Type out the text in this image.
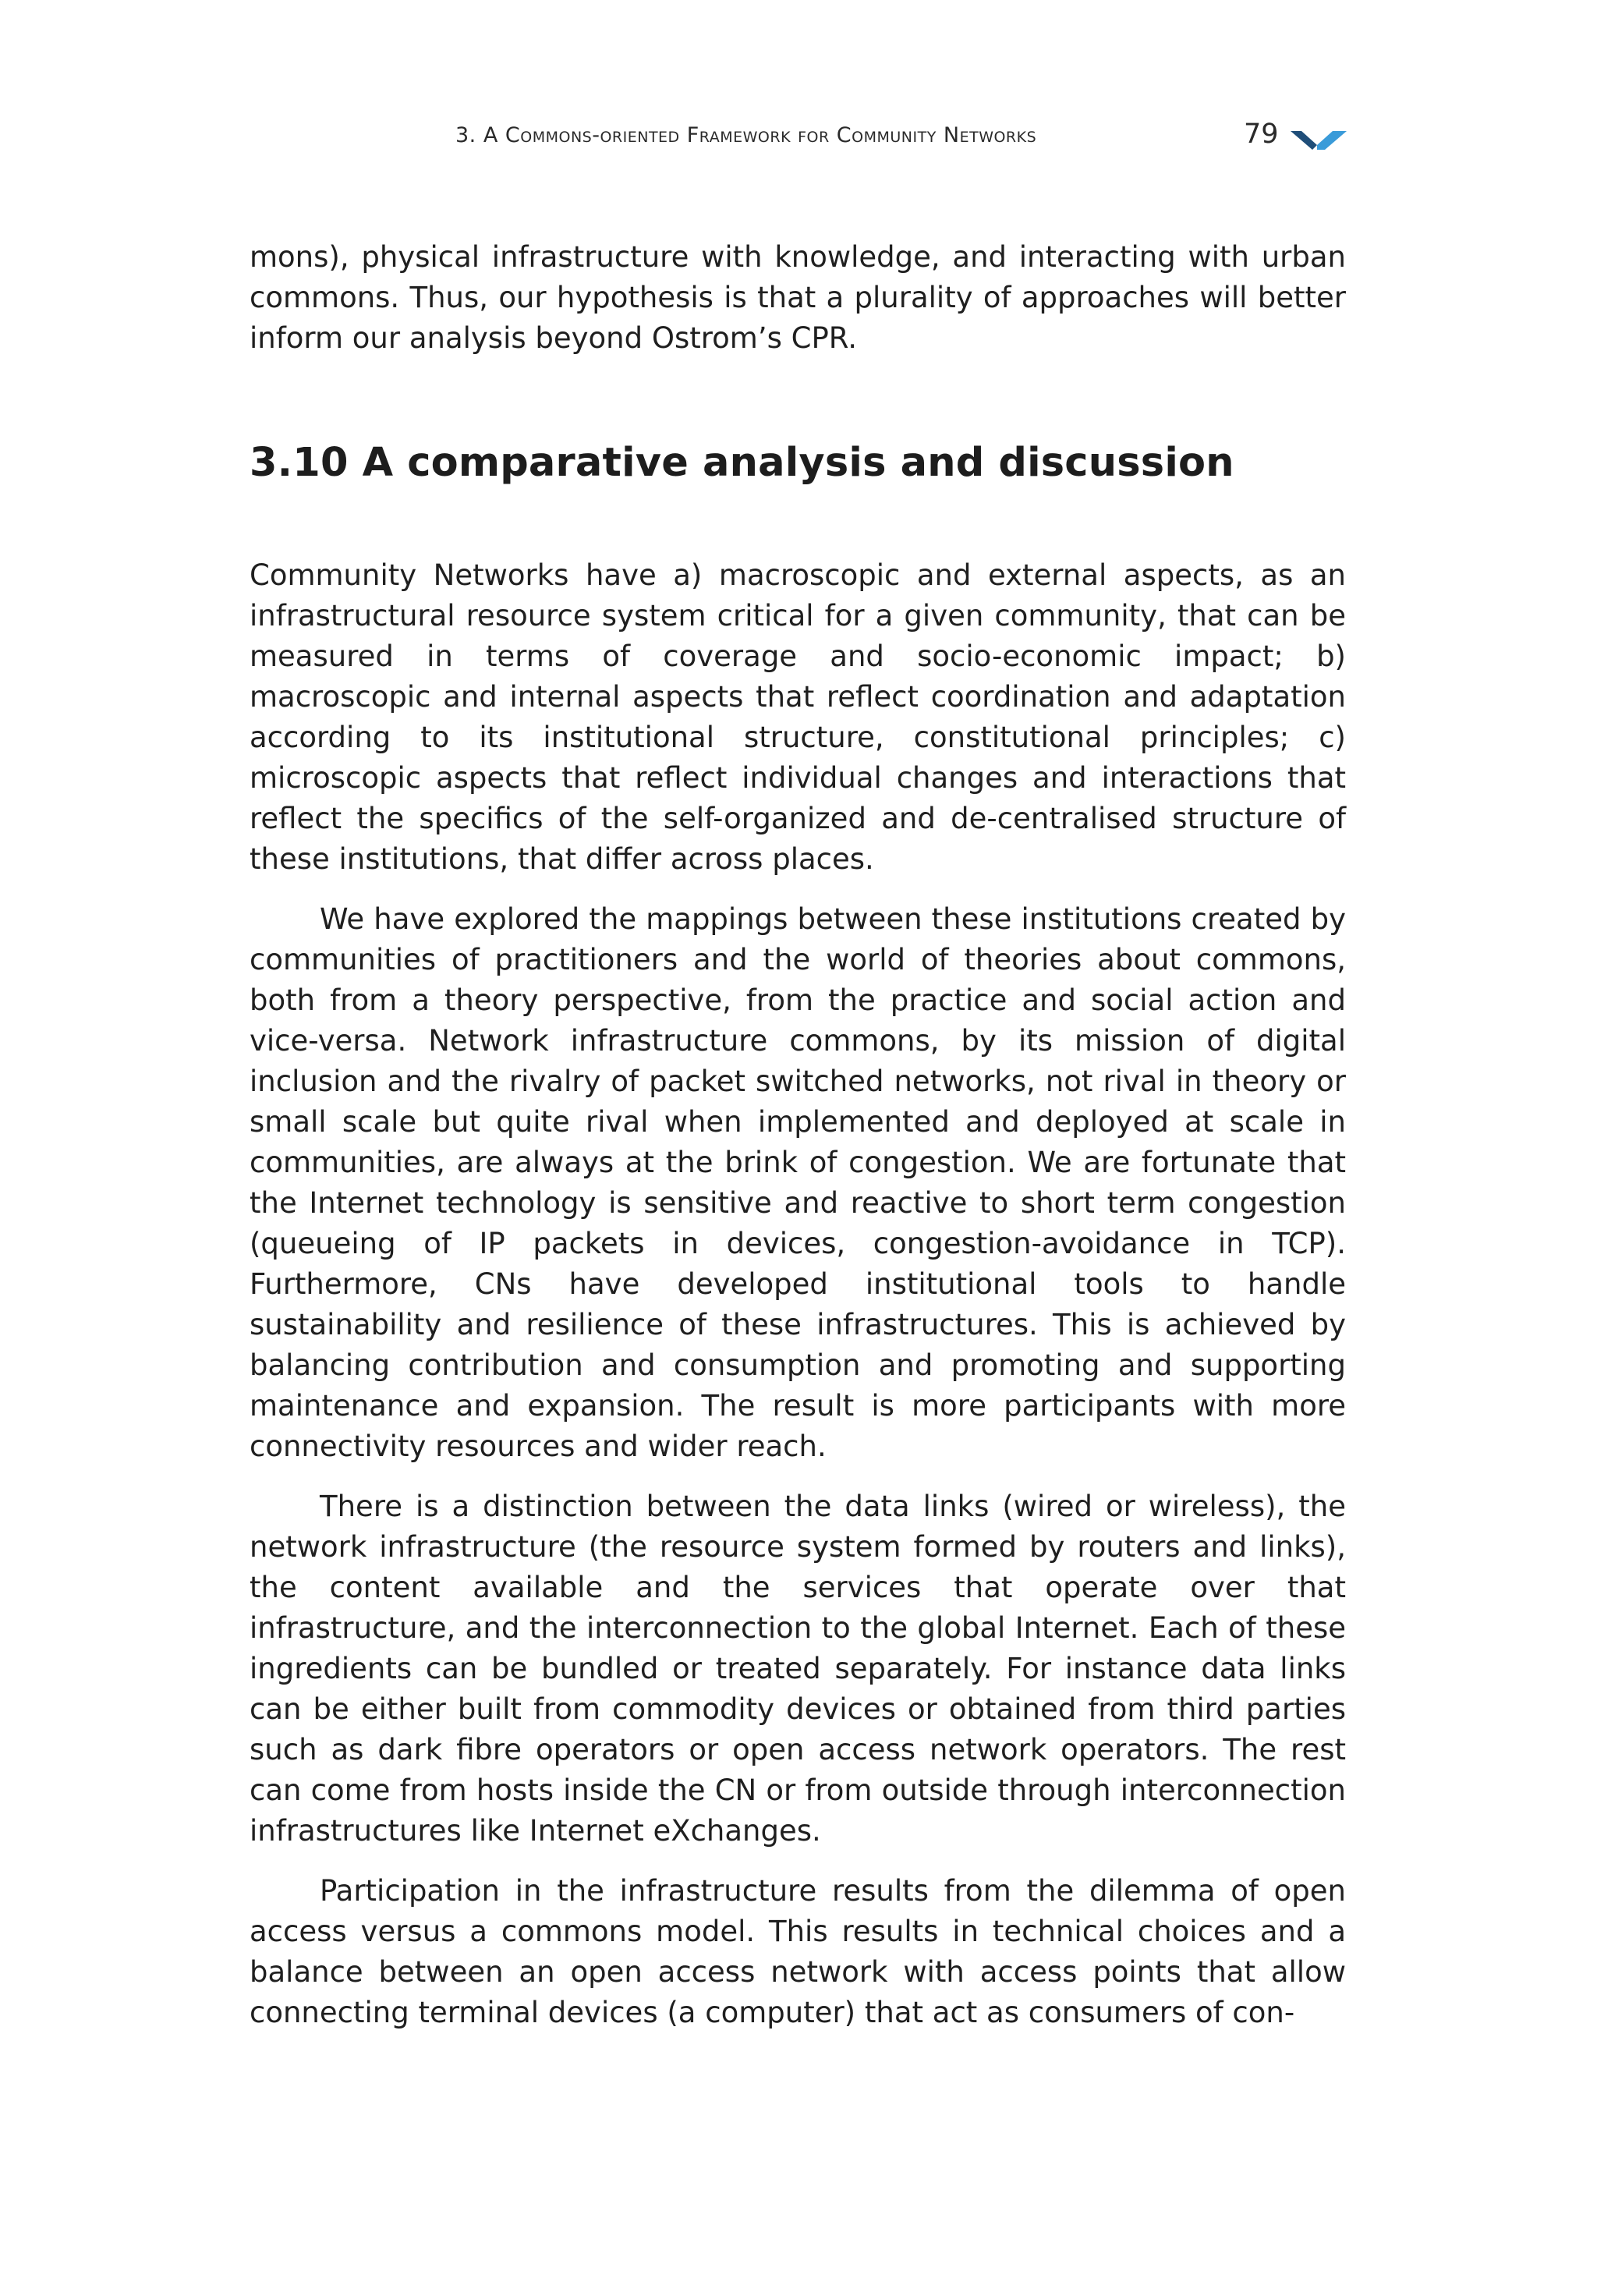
3. A Commons-oriented Framework for Community Networks	79

mons), physical infrastructure with knowledge, and interacting with urban commons. Thus, our hypothesis is that a plurality of approaches will better inform our analysis beyond Ostrom’s CPR.

3.10 A comparative analysis and discussion

Community Networks have a) macroscopic and external aspects, as an infrastructural resource system critical for a given community, that can be measured in terms of coverage and socio-economic impact; b) macroscopic and internal aspects that reflect coordination and adaptation according to its institutional structure, constitutional principles; c) microscopic aspects that reflect individual changes and interactions that reflect the specifics of the self-organized and de-centralised structure of these institutions, that differ across places.

We have explored the mappings between these institutions created by communities of practitioners and the world of theories about commons, both from a theory perspective, from the practice and social action and vice-versa. Network infrastructure commons, by its mission of digital inclusion and the rivalry of packet switched networks, not rival in theory or small scale but quite rival when implemented and deployed at scale in communities, are always at the brink of congestion. We are fortunate that the Internet technology is sensitive and reactive to short term congestion (queueing of IP packets in devices, congestion-avoidance in TCP). Furthermore, CNs have developed institutional tools to handle sustainability and resilience of these infrastructures. This is achieved by balancing contribution and consumption and promoting and supporting maintenance and expansion. The result is more participants with more connectivity resources and wider reach.

There is a distinction between the data links (wired or wireless), the network infrastructure (the resource system formed by routers and links), the content available and the services that operate over that infrastructure, and the interconnection to the global Internet. Each of these ingredients can be bundled or treated separately. For instance data links can be either built from commodity devices or obtained from third parties such as dark fibre operators or open access network operators. The rest can come from hosts inside the CN or from outside through interconnection infrastructures like Internet eXchanges.

Participation in the infrastructure results from the dilemma of open access versus a commons model. This results in technical choices and a balance between an open access network with access points that allow connecting terminal devices (a computer) that act as consumers of con-
